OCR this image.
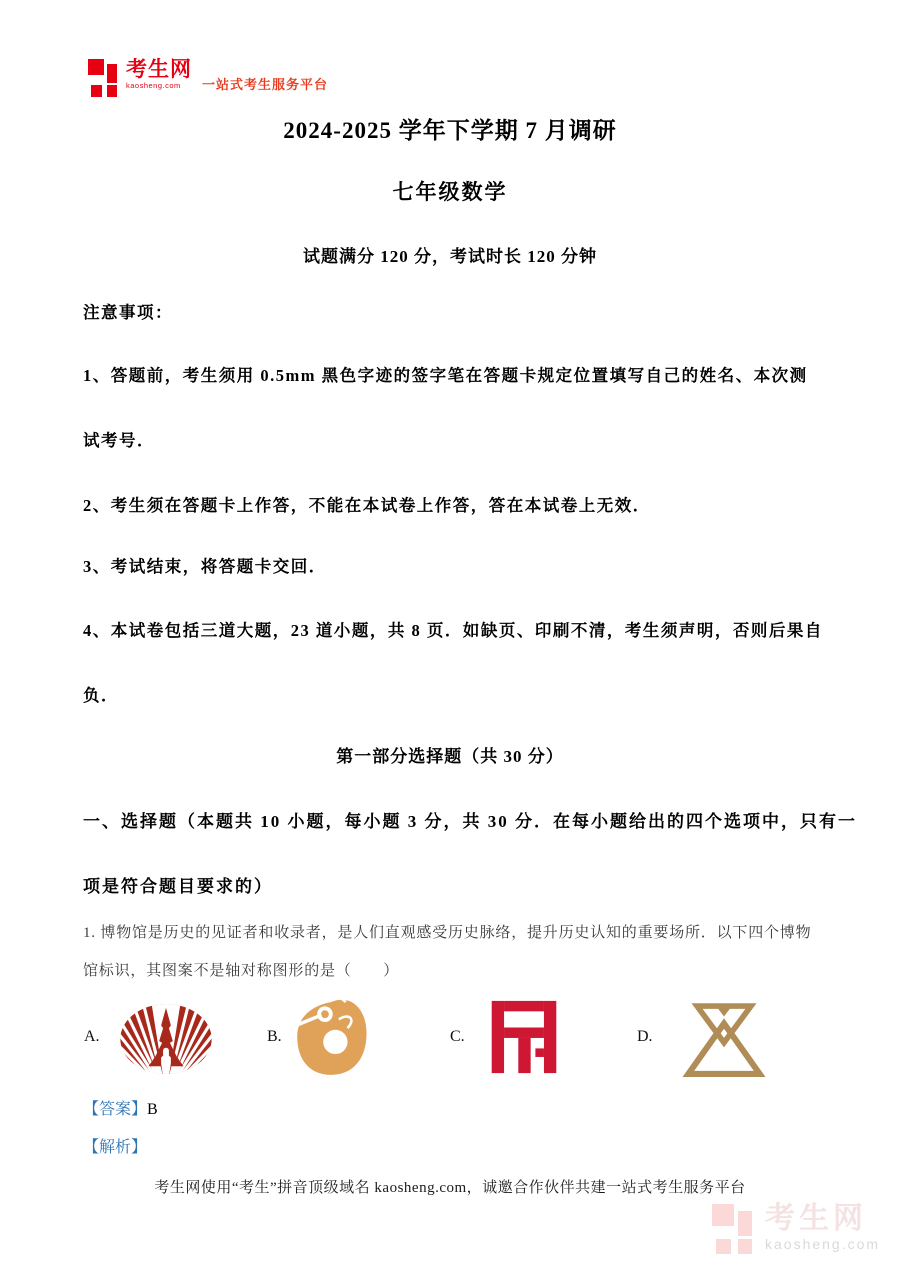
考生网
kaosheng.com	一站式考生服务平台
2024-2025 学年下学期 7 月调研
七年级数学
试题满分 120 分，考试时长 120 分钟
注意事项：
1、答题前，考生须用 0.5mm 黑色字迹的签字笔在答题卡规定位置填写自己的姓名、本次测
试考号．
2、考生须在答题卡上作答，不能在本试卷上作答，答在本试卷上无效．
3、考试结束，将答题卡交回．
4、本试卷包括三道大题，23 道小题，共 8 页．如缺页、印刷不清，考生须声明，否则后果自
负．
第一部分选择题（共 30 分）
一、选择题（本题共 10 小题，每小题 3 分，共 30 分．在每小题给出的四个选项中，只有一
项是符合题目要求的）
1. 博物馆是历史的见证者和收录者，是人们直观感受历史脉络，提升历史认知的重要场所．以下四个博物
馆标识，其图案不是轴对称图形的是（　　）
A.	B.	C.	D.
【答案】B
【解析】
考生网使用“考生”拼音顶级域名 kaosheng.com，诚邀合作伙伴共建一站式考生服务平台
考生网
kaosheng.com
